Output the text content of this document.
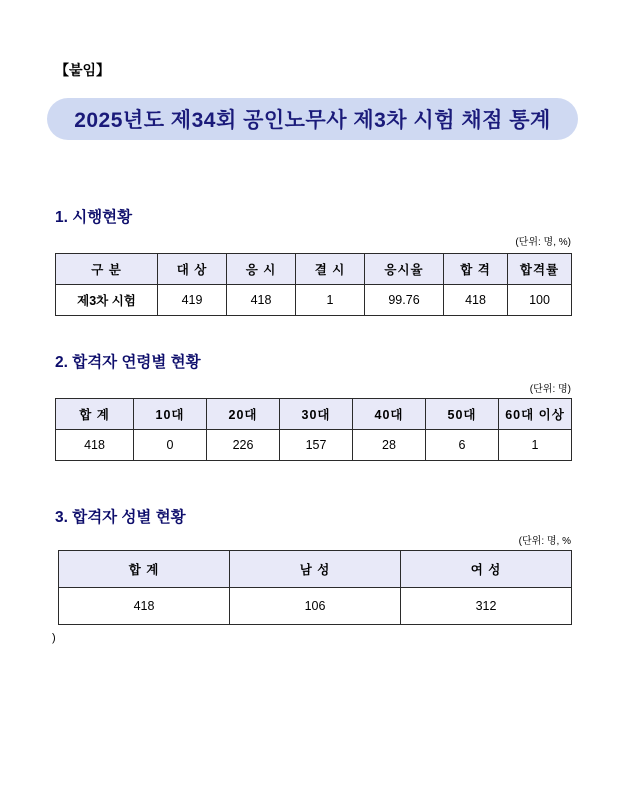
【붙임】
2025년도 제34회 공인노무사 제3차 시험 채점 통계
1. 시행현황
(단위: 명, %)
구 분	대 상	응 시	결 시	응시율	합 격	합격률
제3차 시험	419	418	1	99.76	418	100
2. 합격자 연령별 현황
(단위: 명)
합 계	10대	20대	30대	40대	50대	60대 이상
418	0	226	157	28	6	1
3. 합격자 성별 현황
(단위: 명, %
합 계	남 성	여 성
418	106	312
)
